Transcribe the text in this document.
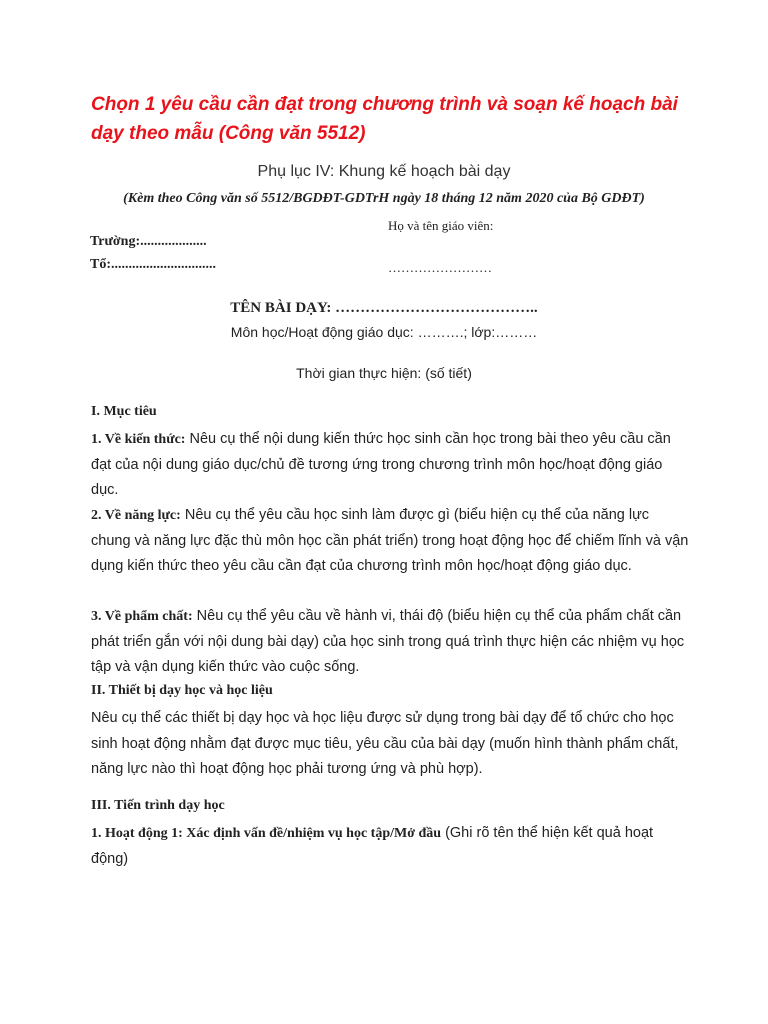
Chọn 1 yêu cầu cần đạt trong chương trình và soạn kế hoạch bài dạy theo mẫu (Công văn 5512)
Phụ lục IV: Khung kế hoạch bài dạy
(Kèm theo Công văn số 5512/BGDĐT-GDTrH ngày 18 tháng 12 năm 2020 của Bộ GDĐT)
Họ và tên giáo viên:
Trường:...................
Tổ:..............................	……………………
TÊN BÀI DẠY: …………………………………..
Môn học/Hoạt động giáo dục: ……….; lớp:………
Thời gian thực hiện: (số tiết)
I. Mục tiêu
1. Về kiến thức: Nêu cụ thể nội dung kiến thức học sinh cần học trong bài theo yêu cầu cần đạt của nội dung giáo dục/chủ đề tương ứng trong chương trình môn học/hoạt động giáo dục.
2. Về năng lực: Nêu cụ thể yêu cầu học sinh làm được gì (biểu hiện cụ thể của năng lực chung và năng lực đặc thù môn học cần phát triển) trong hoạt động học để chiếm lĩnh và vận dụng kiến thức theo yêu cầu cần đạt của chương trình môn học/hoạt động giáo dục.
3. Về phẩm chất: Nêu cụ thể yêu cầu về hành vi, thái độ (biểu hiện cụ thể của phẩm chất cần phát triển gắn với nội dung bài dạy) của học sinh trong quá trình thực hiện các nhiệm vụ học tập và vận dụng kiến thức vào cuộc sống.
II. Thiết bị dạy học và học liệu
Nêu cụ thể các thiết bị dạy học và học liệu được sử dụng trong bài dạy để tổ chức cho học sinh hoạt động nhằm đạt được mục tiêu, yêu cầu của bài dạy (muốn hình thành phẩm chất, năng lực nào thì hoạt động học phải tương ứng và phù hợp).
III. Tiến trình dạy học
1. Hoạt động 1: Xác định vấn đề/nhiệm vụ học tập/Mở đầu (Ghi rõ tên thể hiện kết quả hoạt động)
